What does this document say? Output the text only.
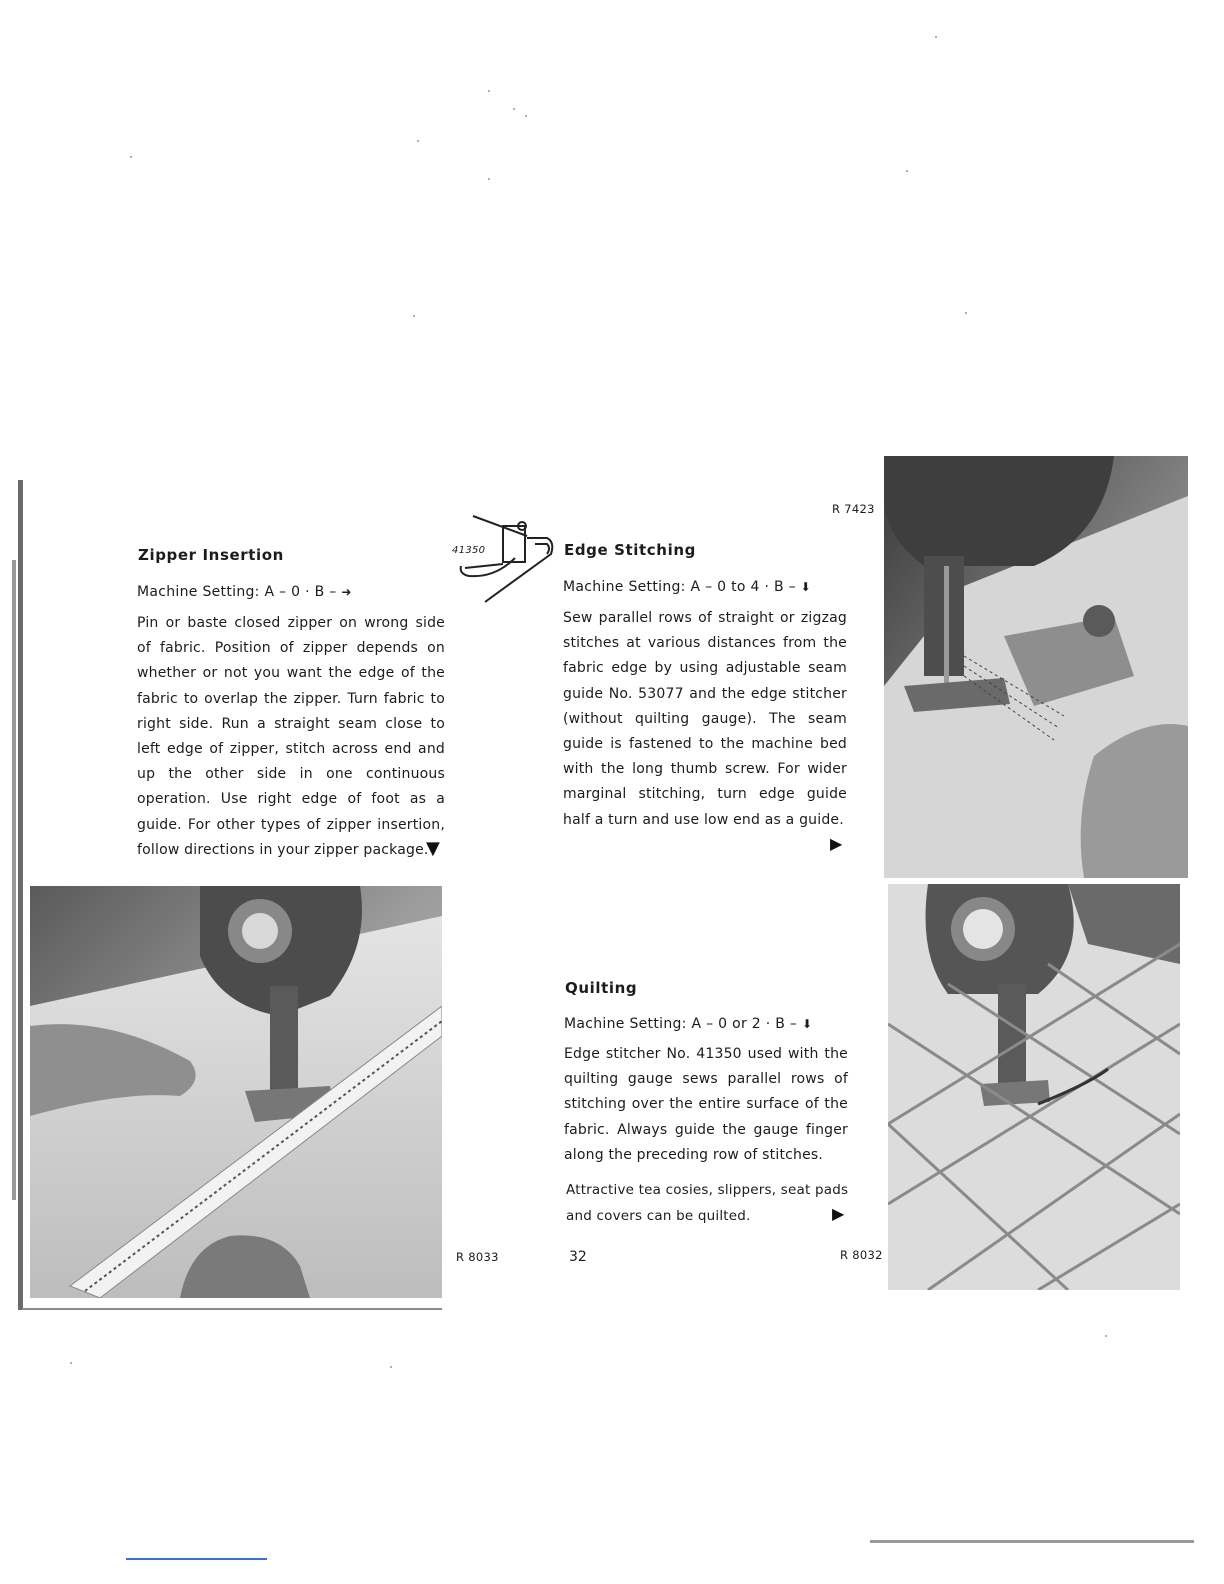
Zipper Insertion
Machine Setting: A – 0 · B – ➜
Pin or baste closed zipper on wrong side of fabric. Position of zipper depends on whether or not you want the edge of the fabric to overlap the zipper. Turn fabric to right side. Run a straight seam close to left edge of zipper, stitch across end and up the other side in one continuous operation. Use right edge of foot as a guide. For other types of zipper insertion, follow directions in your zipper package.
▼
R 8033
41350	Edge Stitching
Machine Setting: A – 0 to 4 · B – ⬇
Sew parallel rows of straight or zigzag stitches at various distances from the fabric edge by using adjustable seam guide No. 53077 and the edge stitcher (without quilting gauge). The seam guide is fastened to the machine bed with the long thumb screw. For wider marginal stitching, turn edge guide half a turn and use low end as a guide.
▶
R 7423
Quilting
Machine Setting: A – 0 or 2 · B – ⬇
Edge stitcher No. 41350 used with the quilting gauge sews parallel rows of stitching over the entire surface of the fabric. Always guide the gauge finger along the preceding row of stitches.
Attractive tea cosies, slippers, seat pads and covers can be quilted.	▶
R 8032
32
